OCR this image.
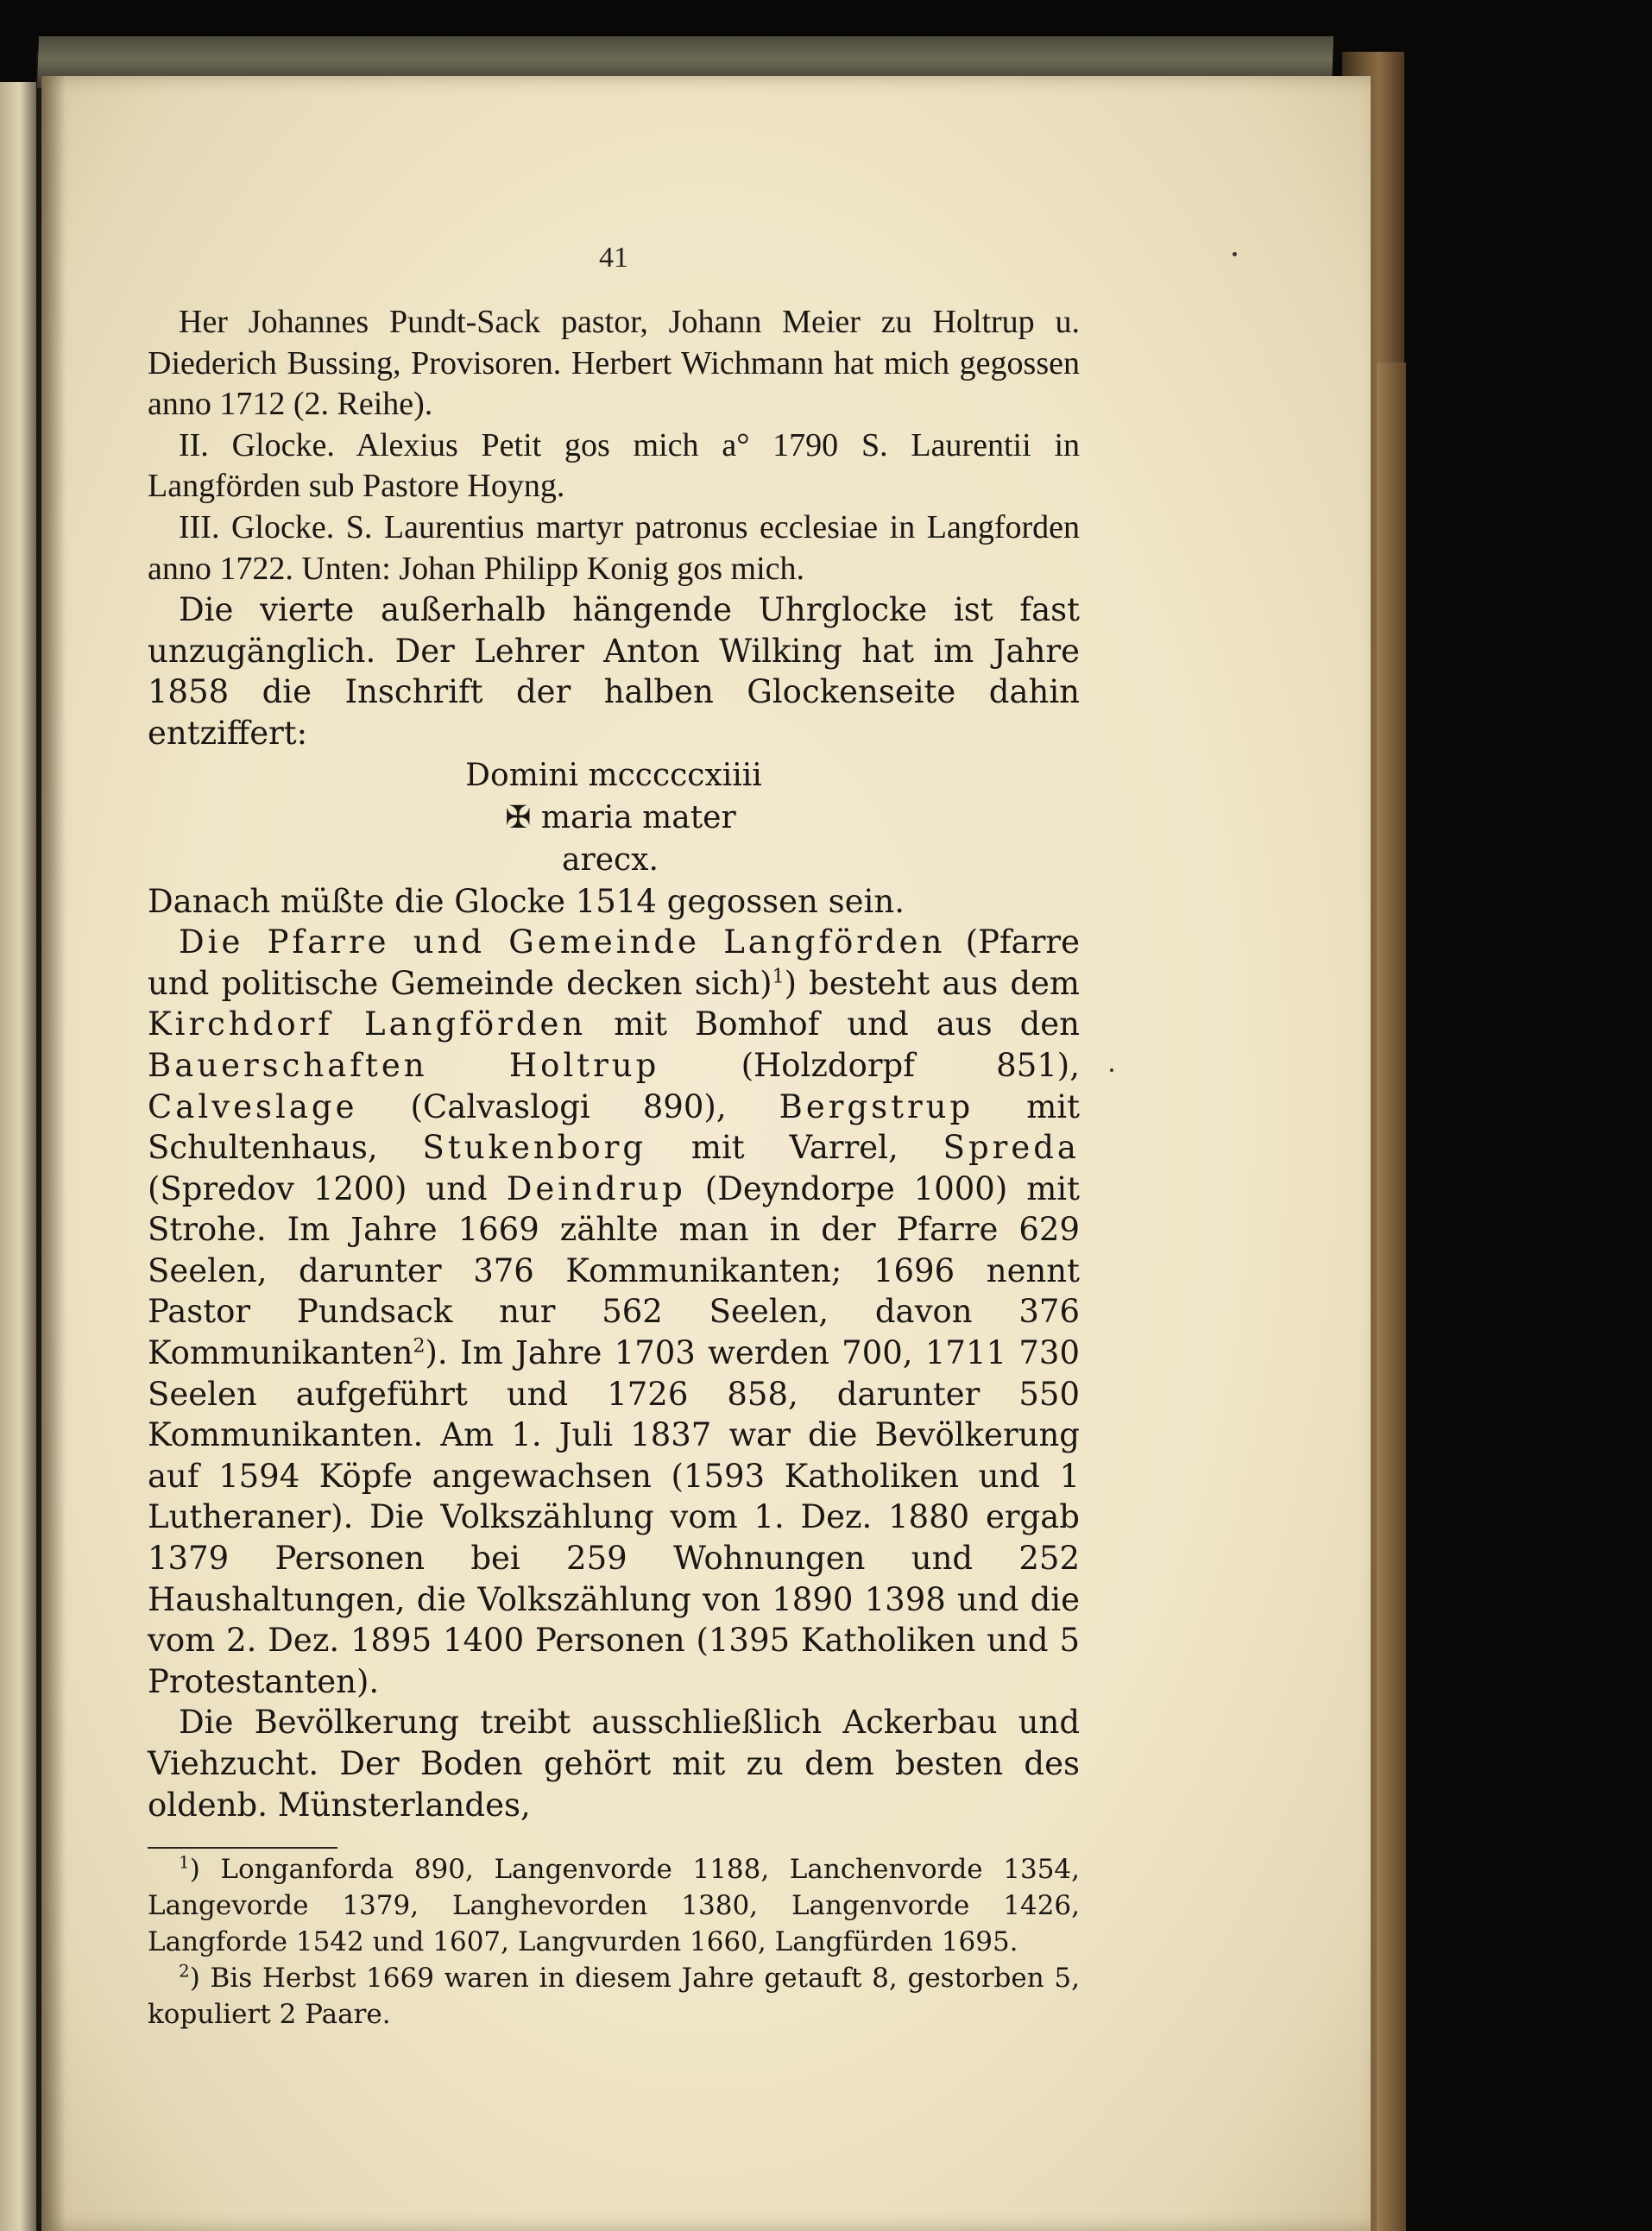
41

Her Johannes Pundt-Sack pastor, Johann Meier zu Holtrup u. Diederich Bussing, Provisoren. Herbert Wichmann hat mich gegossen anno 1712 (2. Reihe).

II. Glocke. Alexius Petit gos mich a° 1790 S. Laurentii in Langförden sub Pastore Hoyng.

III. Glocke. S. Laurentius martyr patronus ecclesiae in Langforden anno 1722. Unten: Johan Philipp Konig gos mich.

Die vierte außerhalb hängende Uhrglocke ist fast unzugänglich. Der Lehrer Anton Wilking hat im Jahre 1858 die Inschrift der halben Glockenseite dahin entziffert:

Domini mcccccxiiii
✠ maria mater
arecx.

Danach müßte die Glocke 1514 gegossen sein.

Die Pfarre und Gemeinde Langförden (Pfarre und politische Gemeinde decken sich)$^1$) besteht aus dem Kirchdorf Langförden mit Bomhof und aus den Bauerschaften	Holtrup	(Holzdorpf 851), Calveslage (Calvaslogi 890), Bergstrup mit Schultenhaus, Stukenborg mit Varrel, Spreda (Spredov 1200) und Deindrup (Deyndorpe 1000) mit Strohe. Im Jahre 1669 zählte man in der Pfarre 629 Seelen, darunter 376 Kommunikanten; 1696 nennt Pastor Pundsack nur 562 Seelen, davon 376 Kommunikanten$^2$). Im Jahre 1703 werden 700, 1711 730 Seelen aufgeführt und 1726 858, darunter 550 Kommunikanten. Am 1. Juli 1837 war die Bevölkerung auf 1594 Köpfe angewachsen (1593 Katholiken und 1 Lutheraner). Die Volkszählung vom 1. Dez. 1880 ergab 1379 Personen bei 259 Wohnungen und 252 Haushaltungen, die Volkszählung von 1890 1398 und die vom 2. Dez. 1895 1400 Personen (1395 Katholiken und 5 Protestanten).

Die Bevölkerung treibt ausschließlich Ackerbau und Viehzucht. Der Boden gehört mit zu dem besten des oldenb. Münsterlandes,

$^1$) Longanforda 890, Langenvorde 1188, Lanchenvorde 1354, Langevorde 1379, Langhevorden 1380, Langenvorde 1426, Langforde 1542 und 1607, Langvurden 1660, Langfürden 1695.

$^2$) Bis Herbst 1669 waren in diesem Jahre getauft 8, gestorben 5, kopuliert 2 Paare.
